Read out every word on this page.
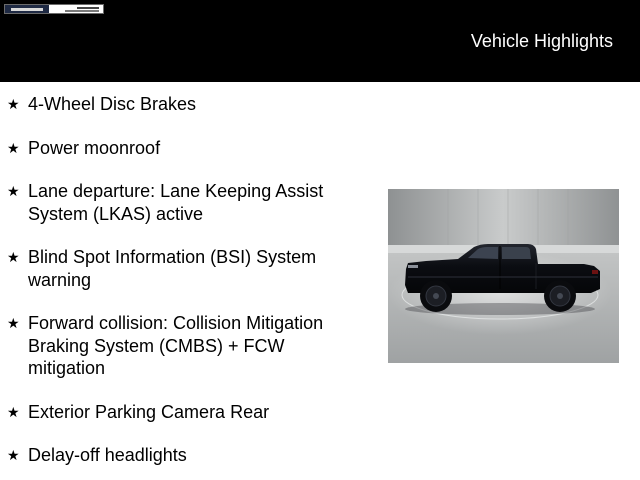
Vehicle Highlights
★ 4-Wheel Disc Brakes
★ Power moonroof
★ Lane departure: Lane Keeping Assist
System (LKAS) active
★ Blind Spot Information (BSI) System
warning
★ Forward collision: Collision Mitigation
Braking System (CMBS) + FCW
mitigation
★ Exterior Parking Camera Rear
★ Delay-off headlights
